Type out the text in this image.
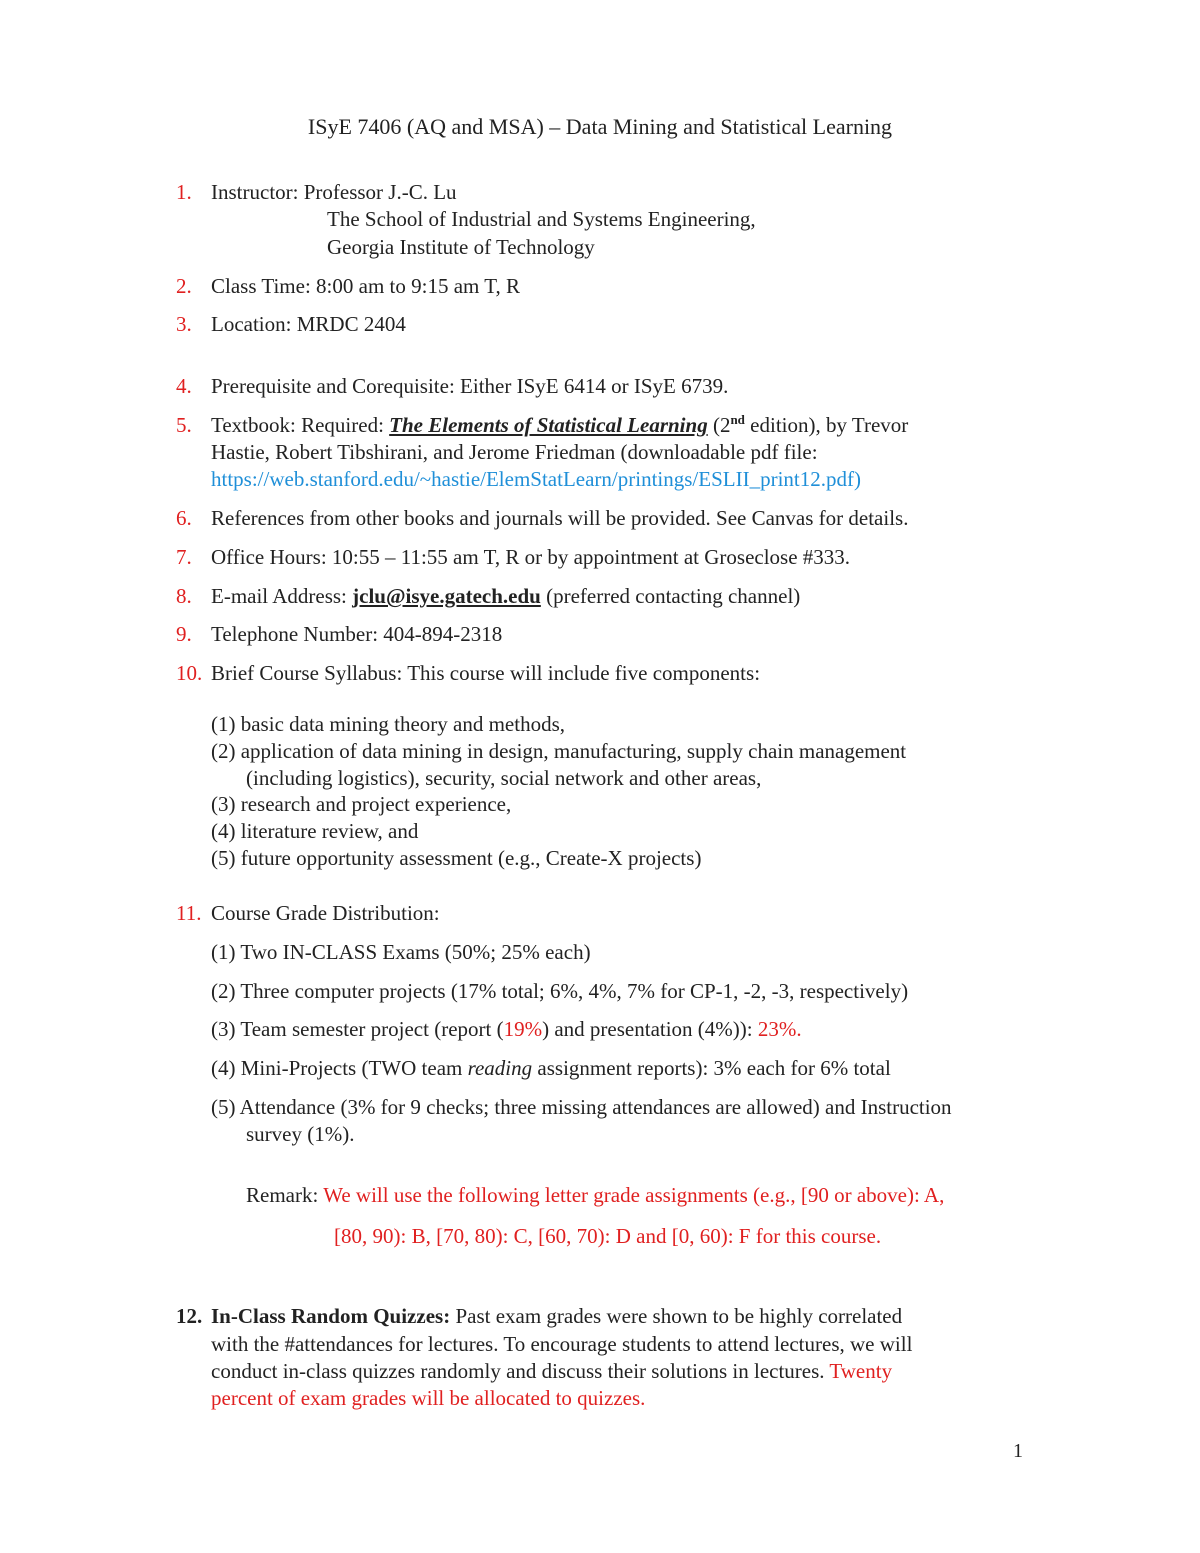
ISyE 7406 (AQ and MSA) – Data Mining and Statistical Learning
1. Instructor: Professor J.-C. Lu
The School of Industrial and Systems Engineering,
Georgia Institute of Technology
2. Class Time: 8:00 am to 9:15 am T, R
3. Location: MRDC 2404
4. Prerequisite and Corequisite: Either ISyE 6414 or ISyE 6739.
5. Textbook: Required: The Elements of Statistical Learning (2nd edition), by Trevor
Hastie, Robert Tibshirani, and Jerome Friedman (downloadable pdf file:
https://web.stanford.edu/~hastie/ElemStatLearn/printings/ESLII_print12.pdf)
6. References from other books and journals will be provided. See Canvas for details.
7. Office Hours: 10:55 – 11:55 am T, R or by appointment at Groseclose #333.
8. E-mail Address: jclu@isye.gatech.edu (preferred contacting channel)
9. Telephone Number: 404-894-2318
10. Brief Course Syllabus: This course will include five components:
(1) basic data mining theory and methods,
(2) application of data mining in design, manufacturing, supply chain management
(including logistics), security, social network and other areas,
(3) research and project experience,
(4) literature review, and
(5) future opportunity assessment (e.g., Create-X projects)
11. Course Grade Distribution:
(1) Two IN-CLASS Exams (50%; 25% each)
(2) Three computer projects (17% total; 6%, 4%, 7% for CP-1, -2, -3, respectively)
(3) Team semester project (report (19%) and presentation (4%)): 23%.
(4) Mini-Projects (TWO team reading assignment reports): 3% each for 6% total
(5) Attendance (3% for 9 checks; three missing attendances are allowed) and Instruction
survey (1%).
Remark: We will use the following letter grade assignments (e.g., [90 or above): A,
[80, 90): B, [70, 80): C, [60, 70): D and [0, 60): F for this course.
12. In-Class Random Quizzes: Past exam grades were shown to be highly correlated
with the #attendances for lectures. To encourage students to attend lectures, we will
conduct in-class quizzes randomly and discuss their solutions in lectures. Twenty
percent of exam grades will be allocated to quizzes.
1
